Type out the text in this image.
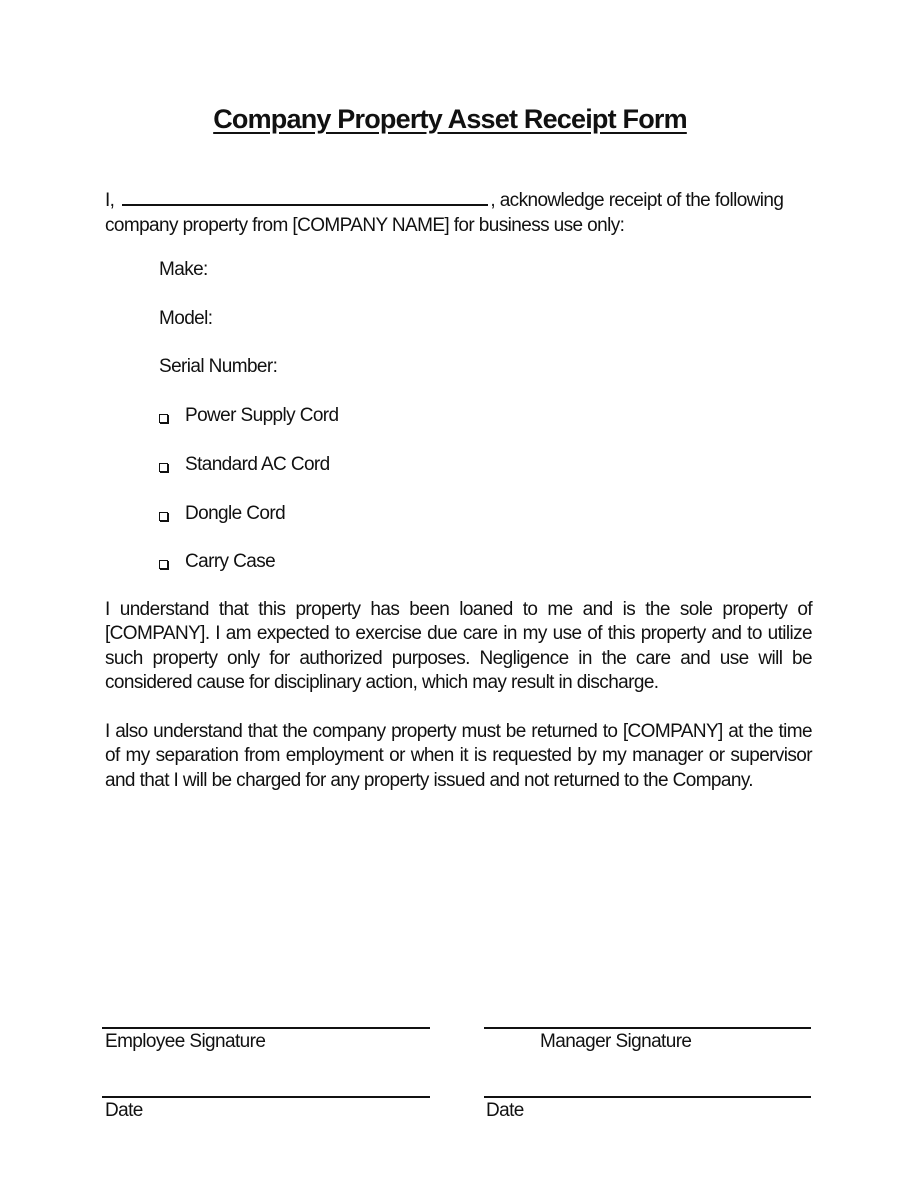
Company Property Asset Receipt Form
I,	, acknowledge receipt of the following
company property from [COMPANY NAME] for business use only:
Make:
Model:
Serial Number:
Power Supply Cord
Standard AC Cord
Dongle Cord
Carry Case
I understand that this property has been loaned to me and is the sole property of [COMPANY]. I am expected to exercise due care in my use of this property and to utilize such property only for authorized purposes. Negligence in the care and use will be considered cause for disciplinary action, which may result in discharge.
I also understand that the company property must be returned to [COMPANY] at the time of my separation from employment or when it is requested by my manager or supervisor and that I will be charged for any property issued and not returned to the Company.
Employee Signature	Manager Signature
Date	Date
